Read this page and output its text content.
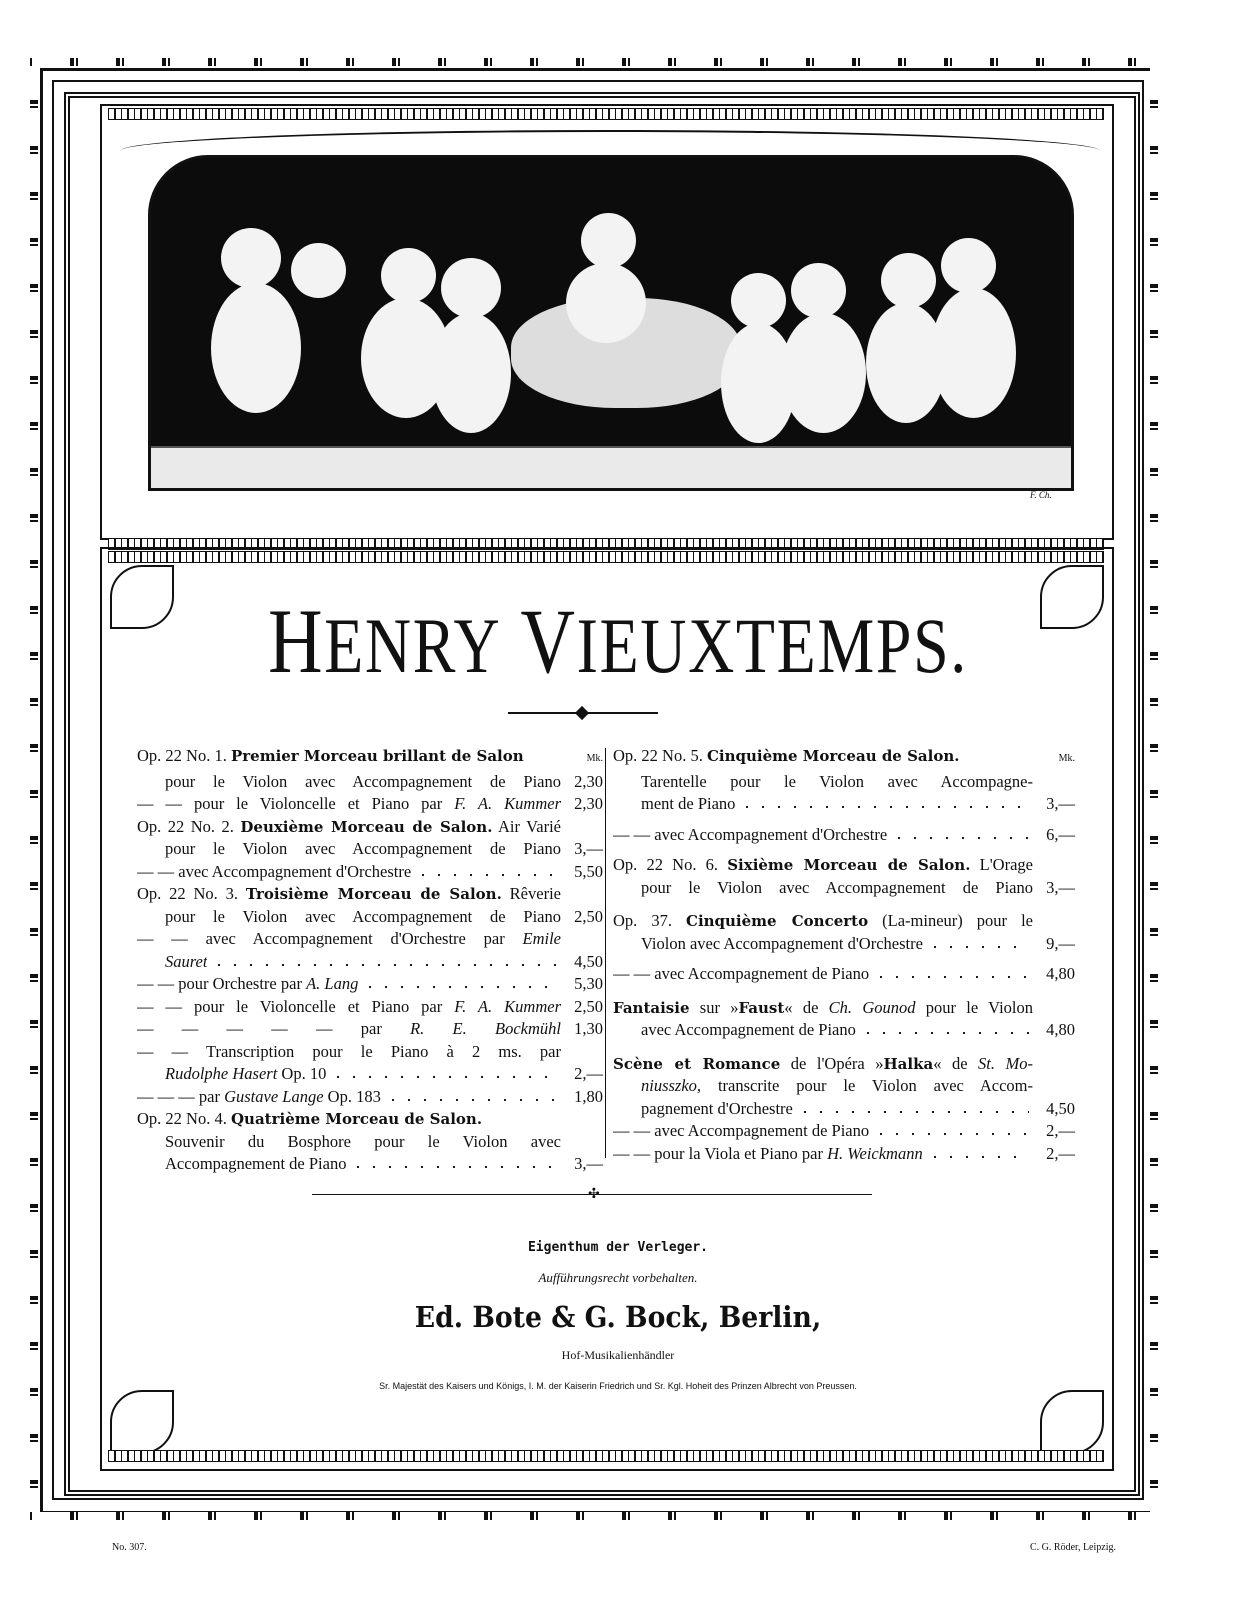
F. Ch.
HENRY VIEUXTEMPS.
Op. 22 No. 1. Premier Morceau brillant de Salon	Mk.
pour le Violon avec Accompagnement de Piano 2,30
— — pour le Violoncelle et Piano par F. A. Kummer 2,30
Op. 22 No. 2. Deuxième Morceau de Salon. Air Varié
pour le Violon avec Accompagnement de Piano 3,—
— — avec Accompagnement d'Orchestre	5,50
Op. 22 No. 3. Troisième Morceau de Salon. Rêverie
pour le Violon avec Accompagnement de Piano 2,50
— — avec Accompagnement d'Orchestre par Emile
Sauret	4,50
— — pour Orchestre par A. Lang	5,30
— — pour le Violoncelle et Piano par F. A. Kummer 2,50
— — — — — par R. E. Bockmühl 1,30
— — Transcription pour le Piano à 2 ms. par
Rudolphe Hasert Op. 10	2,—
— — — par Gustave Lange Op. 183	1,80
Op. 22 No. 4. Quatrième Morceau de Salon.
Souvenir du Bosphore pour le Violon avec
Accompagnement de Piano	3,—
Op. 22 No. 5. Cinquième Morceau de Salon.	Mk.
Tarentelle pour le Violon avec Accompagne-
ment de Piano	3,—
— — avec Accompagnement d'Orchestre	6,—
Op. 22 No. 6. Sixième Morceau de Salon. L'Orage
pour le Violon avec Accompagnement de Piano 3,—
Op. 37. Cinquième Concerto (La-mineur) pour le
Violon avec Accompagnement d'Orchestre	9,—
— — avec Accompagnement de Piano	4,80
Fantaisie sur »Faust« de Ch. Gounod pour le Violon
avec Accompagnement de Piano	4,80
Scène et Romance de l'Opéra »Halka« de St. Mo-
niusszko, transcrite pour le Violon avec Accom-
pagnement d'Orchestre	4,50
— — avec Accompagnement de Piano	2,—
— — pour la Viola et Piano par H. Weickmann	2,—
✣
Eigenthum der Verleger.
Aufführungsrecht vorbehalten.
Ed. Bote & G. Bock, Berlin,
Hof-Musikalienhändler
Sr. Majestät des Kaisers und Königs, I. M. der Kaiserin Friedrich und Sr. Kgl. Hoheit des Prinzen Albrecht von Preussen.
No. 307.	C. G. Röder, Leipzig.
